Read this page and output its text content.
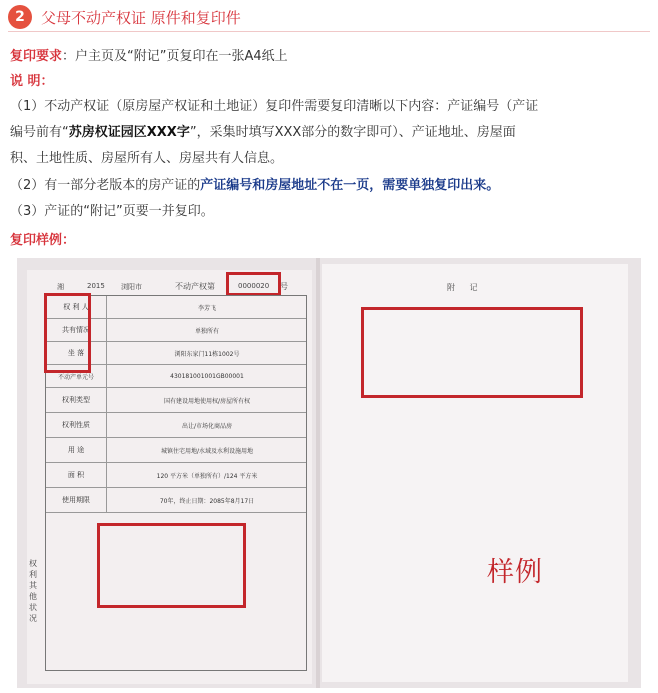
2	父母不动产权证 原件和复印件
复印要求：户主页及“附记”页复印在一张A4纸上
说 明：
（1）不动产权证（原房屋产权证和土地证）复印件需要复印清晰以下内容：产证编号（产证
编号前有“苏房权证园区XXX字”，采集时填写XXX部分的数字即可）、产证地址、房屋面
积、土地性质、房屋所有人、房屋共有人信息。
（2）有一部分老版本的房产证的产证编号和房屋地址不在一页，需要单独复印出来。
（3）产证的“附记”页要一并复印。
复印样例：
湘	2015 浏阳市	不动产权第	0000020 号
权 利 人	李芳飞
共有情况	单独所有
坐 落	浏阳东家门11栋1002号
不动产单元号	430181001001GB00001
权利类型	国有建设用地使用权/房屋所有权
权利性质	出让/市场化商品房
用 途	城镇住宅用地/水域及水利设施用地
面 积	120 平方米（单独所有）/124 平方米
使用期限	70年，终止日期：2085年8月17日
权利其他状况
附 记
样例
